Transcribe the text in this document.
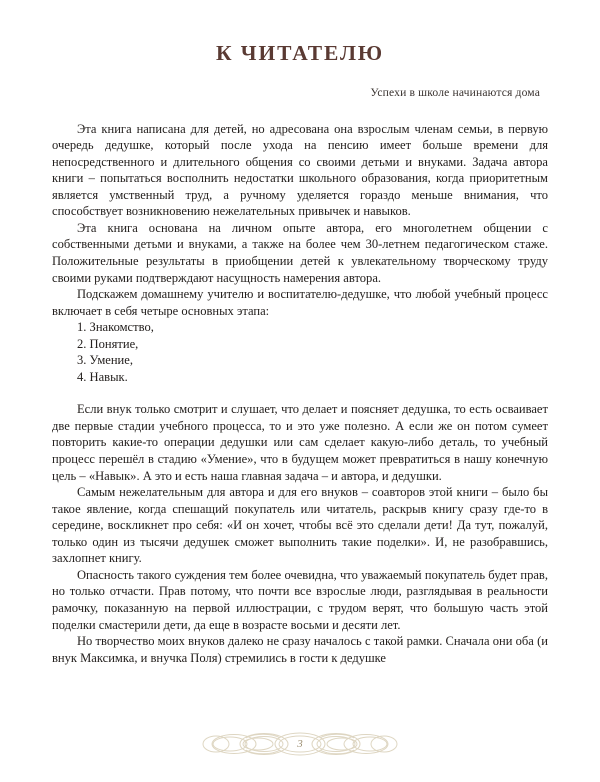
К ЧИТАТЕЛЮ

Успехи в школе начинаются дома

Эта книга написана для детей, но адресована она взрослым членам семьи, в первую очередь дедушке, который после ухода на пенсию имеет больше времени для непосредственного и длительного общения со своими детьми и внуками. Задача автора книги – попытаться восполнить недостатки школьного образования, когда приоритетным является умственный труд, а ручному уделяется гораздо меньше внимания, что способствует возникновению нежелательных привычек и навыков.

Эта книга основана на личном опыте автора, его многолетнем общении с собственными детьми и внуками, а также на более чем 30-летнем педагогическом стаже. Положительные результаты в приобщении детей к увлекательному творческому труду своими руками подтверждают насущность намерения автора.

Подскажем домашнему учителю и воспитателю-дедушке, что любой учебный процесс включает в себя четыре основных этапа:

1. Знакомство,
2. Понятие,
3. Умение,
4. Навык.

Если внук только смотрит и слушает, что делает и поясняет дедушка, то есть осваивает две первые стадии учебного процесса, то и это уже полезно. А если же он потом сумеет повторить какие-то операции дедушки или сам сделает какую-либо деталь, то учебный процесс перешёл в стадию «Умение», что в будущем может превратиться в нашу конечную цель – «Навык». А это и есть наша главная задача – и автора, и дедушки.

Самым нежелательным для автора и для его внуков – соавторов этой книги – было бы такое явление, когда спешащий покупатель или читатель, раскрыв книгу сразу где-то в середине, воскликнет про себя: «И он хочет, чтобы всё это сделали дети! Да тут, пожалуй, только один из тысячи дедушек сможет выполнить такие поделки». И, не разобравшись, захлопнет книгу.

Опасность такого суждения тем более очевидна, что уважаемый покупатель будет прав, но только отчасти. Прав потому, что почти все взрослые люди, разглядывая в реальности рамочку, показанную на первой иллюстрации, с трудом верят, что большую часть этой поделки смастерили дети, да еще в возрасте восьми и десяти лет.

Но творчество моих внуков далеко не сразу началось с такой рамки. Сначала они оба (и внук Максимка, и внучка Поля) стремились в гости к дедушке

3
